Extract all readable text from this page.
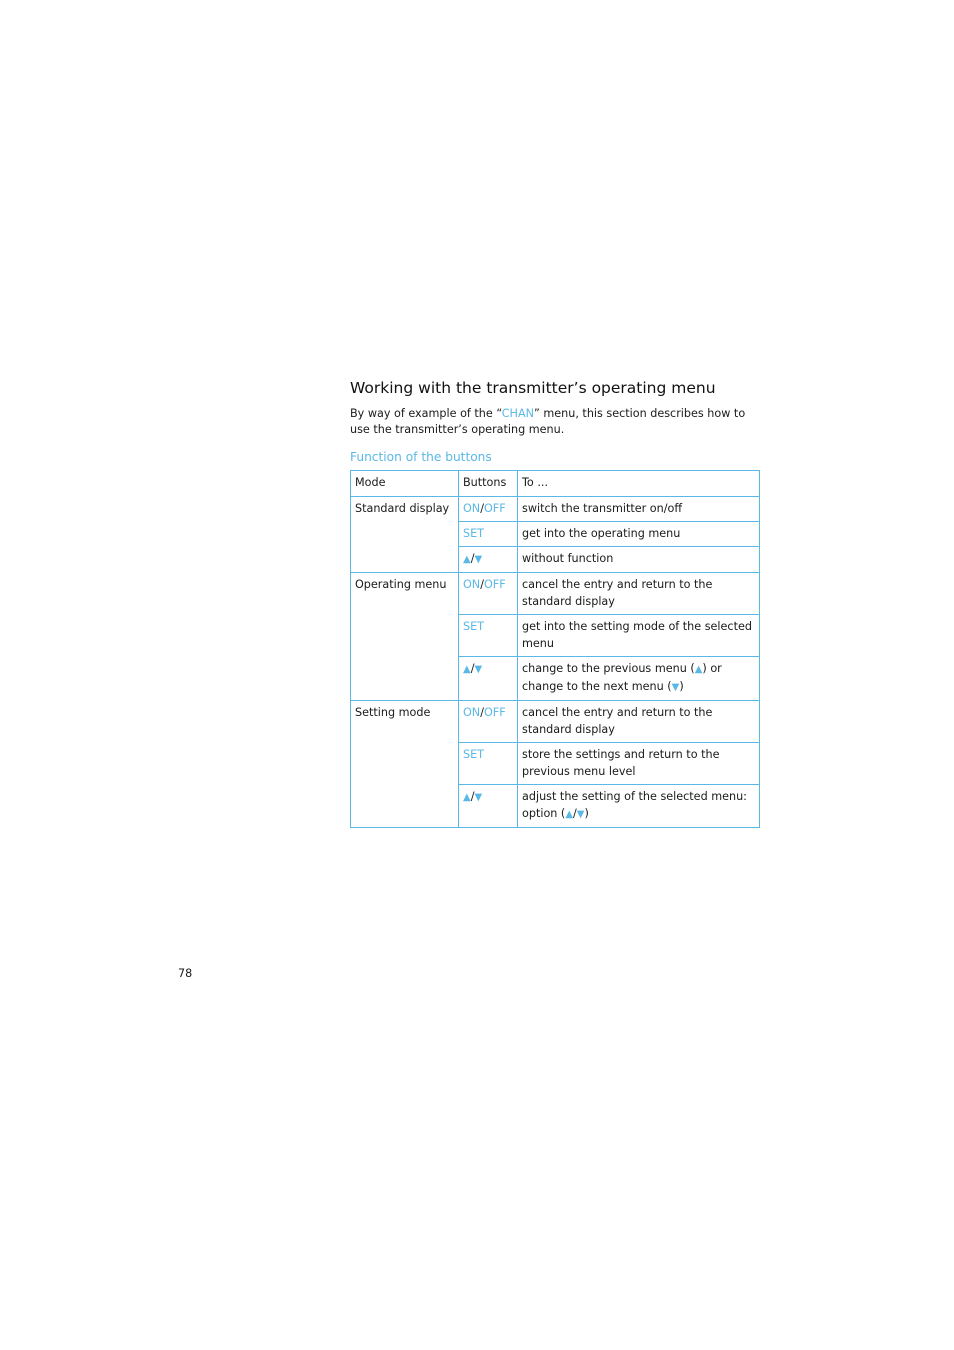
Working with the transmitter’s operating menu

By way of example of the “CHAN” menu, this section describes how to use the transmitter’s operating menu.

Function of the buttons
Mode	Buttons	To ...
Standard display	ON/OFF	switch the transmitter on/off
	SET	get into the operating menu
	▲/▼	without function
Operating menu	ON/OFF	cancel the entry and return to the standard display
	SET	get into the setting mode of the selected menu
	▲/▼	change to the previous menu (▲) or change to the next menu (▼)
Setting mode	ON/OFF	cancel the entry and return to the standard display
	SET	store the settings and return to the previous menu level
	▲/▼	adjust the setting of the selected menu: option (▲/▼)
78
